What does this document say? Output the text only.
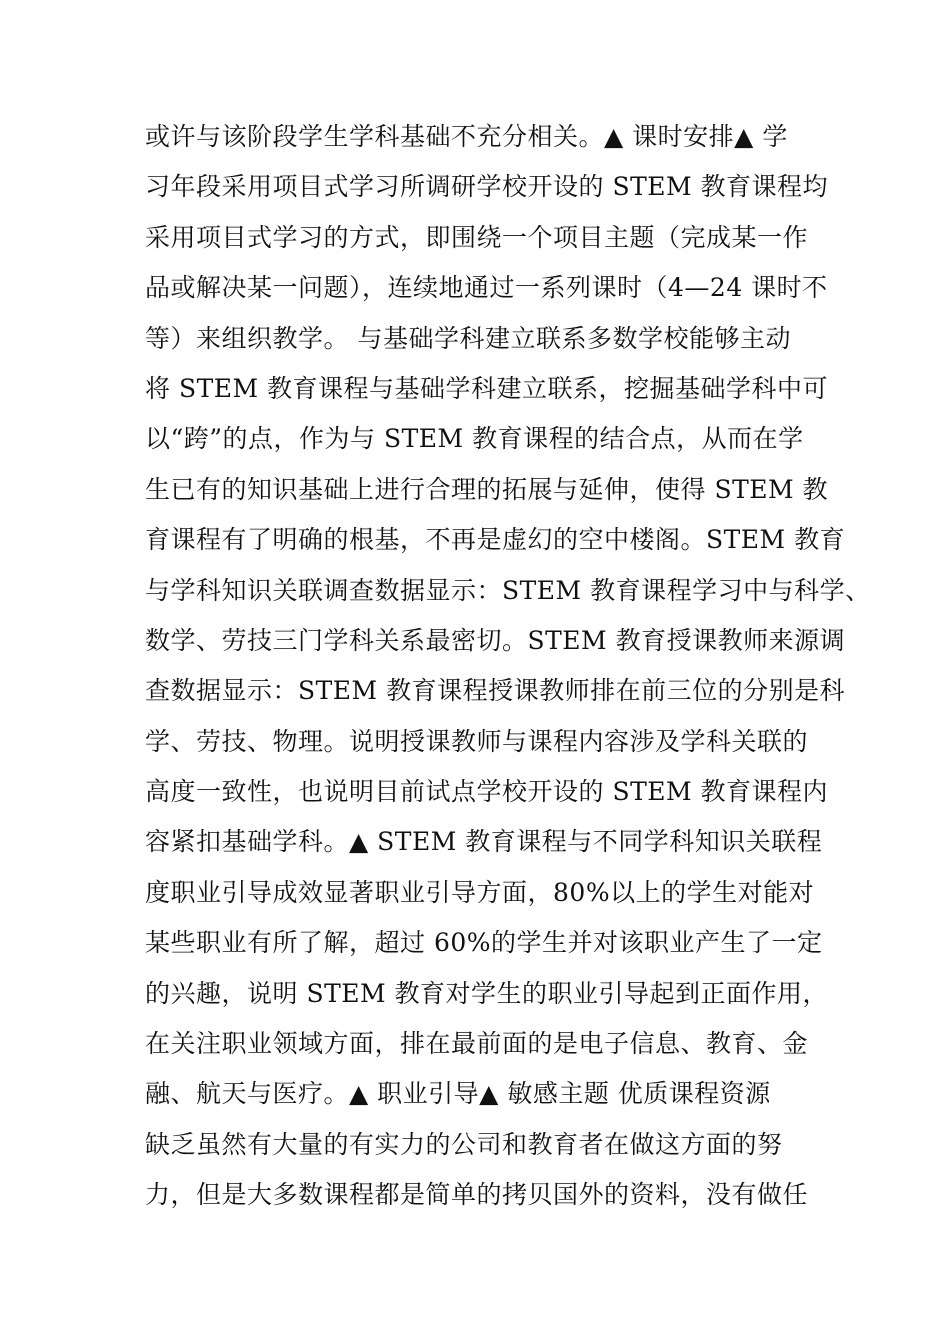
或许与该阶段学生学科基础不充分相关。▲ 课时安排▲ 学
习年段采用项目式学习所调研学校开设的 STEM 教育课程均
采用项目式学习的方式，即围绕一个项目主题（完成某一作
品或解决某一问题），连续地通过一系列课时（4—24 课时不
等）来组织教学。 与基础学科建立联系多数学校能够主动
将 STEM 教育课程与基础学科建立联系，挖掘基础学科中可
以“跨”的点，作为与 STEM 教育课程的结合点，从而在学
生已有的知识基础上进行合理的拓展与延伸，使得 STEM 教
育课程有了明确的根基，不再是虚幻的空中楼阁。STEM 教育
与学科知识关联调查数据显示：STEM 教育课程学习中与科学、
数学、劳技三门学科关系最密切。STEM 教育授课教师来源调
查数据显示：STEM 教育课程授课教师排在前三位的分别是科
学、劳技、物理。说明授课教师与课程内容涉及学科关联的
高度一致性，也说明目前试点学校开设的 STEM 教育课程内
容紧扣基础学科。▲ STEM 教育课程与不同学科知识关联程
度职业引导成效显著职业引导方面，80%以上的学生对能对
某些职业有所了解，超过 60%的学生并对该职业产生了一定
的兴趣，说明 STEM 教育对学生的职业引导起到正面作用，
在关注职业领域方面，排在最前面的是电子信息、教育、金
融、航天与医疗。▲ 职业引导▲ 敏感主题 优质课程资源
缺乏虽然有大量的有实力的公司和教育者在做这方面的努
力，但是大多数课程都是简单的拷贝国外的资料，没有做任
